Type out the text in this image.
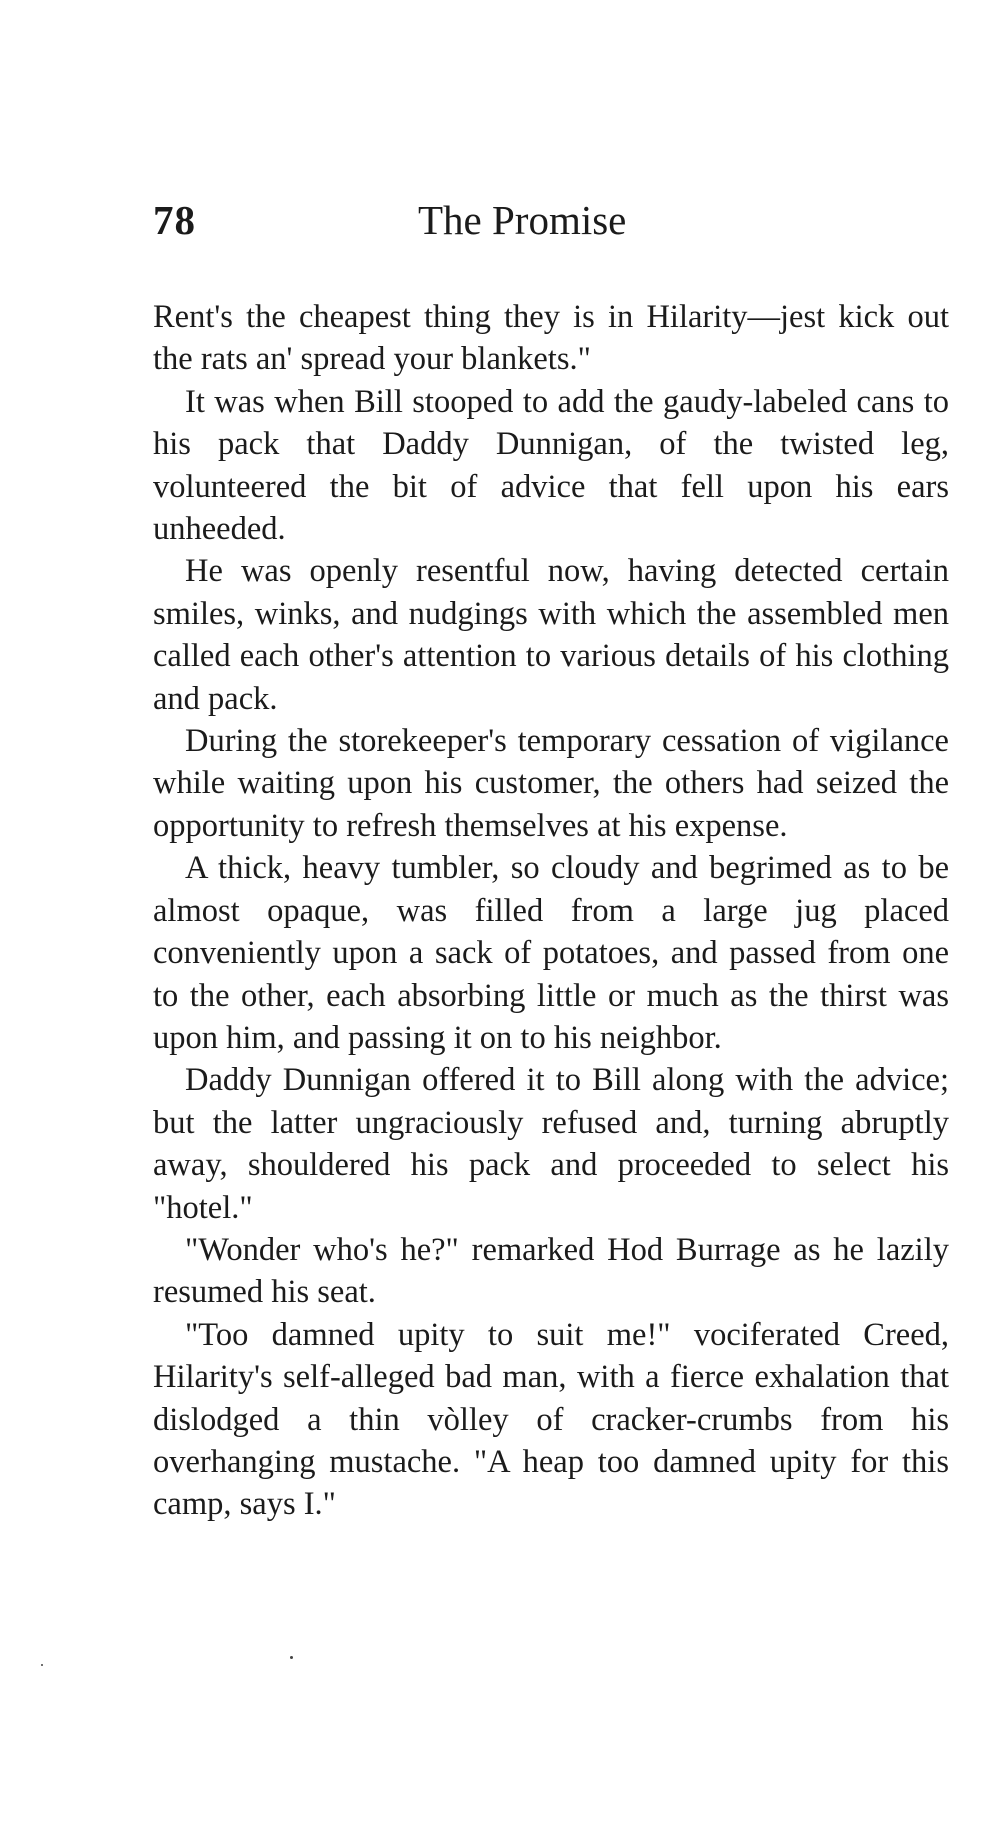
78	The Promise

Rent's the cheapest thing they is in Hilarity—jest kick out the rats an' spread your blankets."

It was when Bill stooped to add the gaudy-labeled cans to his pack that Daddy Dunnigan, of the twisted leg, volunteered the bit of advice that fell upon his ears unheeded.

He was openly resentful now, having detected certain smiles, winks, and nudgings with which the assembled men called each other's attention to various details of his clothing and pack.

During the storekeeper's temporary cessation of vigilance while waiting upon his customer, the others had seized the opportunity to refresh themselves at his expense.

A thick, heavy tumbler, so cloudy and begrimed as to be almost opaque, was filled from a large jug placed conveniently upon a sack of potatoes, and passed from one to the other, each absorbing little or much as the thirst was upon him, and passing it on to his neighbor.

Daddy Dunnigan offered it to Bill along with the advice; but the latter ungraciously refused and, turning abruptly away, shouldered his pack and proceeded to select his "hotel."

"Wonder who's he?" remarked Hod Burrage as he lazily resumed his seat.

"Too damned upity to suit me!" vociferated Creed, Hilarity's self-alleged bad man, with a fierce exhalation that dislodged a thin vòlley of cracker-crumbs from his overhanging mustache. "A heap too damned upity for this camp, says I."
